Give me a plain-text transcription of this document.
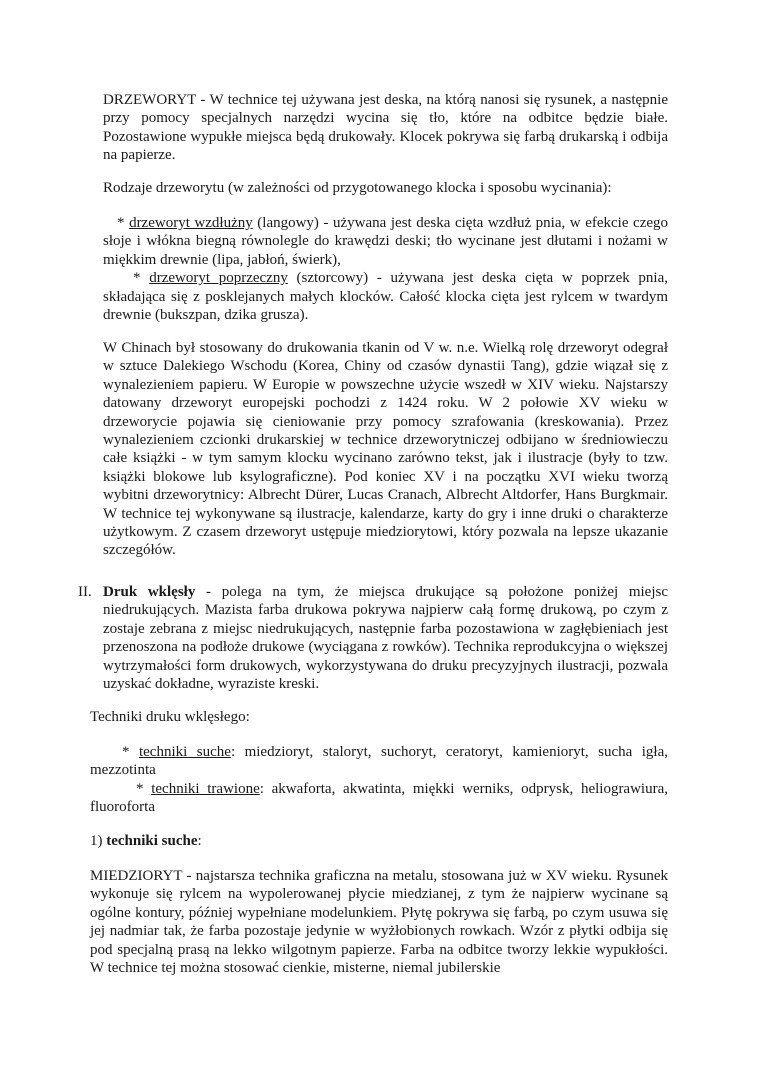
DRZEWORYT - W technice tej używana jest deska, na którą nanosi się rysunek, a następnie przy pomocy specjalnych narzędzi wycina się tło, które na odbitce będzie białe. Pozostawione wypukłe miejsca będą drukowały. Klocek pokrywa się farbą drukarską i odbija na papierze.

Rodzaje drzeworytu (w zależności od przygotowanego klocka i sposobu wycinania):

* drzeworyt wzdłużny (langowy) - używana jest deska cięta wzdłuż pnia, w efekcie czego słoje i włókna biegną równolegle do krawędzi deski; tło wycinane jest dłutami i nożami w miękkim drewnie (lipa, jabłoń, świerk),

* drzeworyt poprzeczny (sztorcowy) - używana jest deska cięta w poprzek pnia, składająca się z posklejanych małych klocków. Całość klocka cięta jest rylcem w twardym drewnie (bukszpan, dzika grusza).

W Chinach był stosowany do drukowania tkanin od V w. n.e. Wielką rolę drzeworyt odegrał w sztuce Dalekiego Wschodu (Korea, Chiny od czasów dynastii Tang), gdzie wiązał się z wynalezieniem papieru. W Europie w powszechne użycie wszedł w XIV wieku. Najstarszy datowany drzeworyt europejski pochodzi z 1424 roku. W 2 połowie XV wieku w drzeworycie pojawia się cieniowanie przy pomocy szrafowania (kreskowania). Przez wynalezieniem czcionki drukarskiej w technice drzeworytniczej odbijano w średniowieczu całe książki - w tym samym klocku wycinano zarówno tekst, jak i ilustracje (były to tzw. książki blokowe lub ksylograficzne). Pod koniec XV i na początku XVI wieku tworzą wybitni drzeworytnicy: Albrecht Dürer, Lucas Cranach, Albrecht Altdorfer, Hans Burgkmair. W technice tej wykonywane są ilustracje, kalendarze, karty do gry i inne druki o charakterze użytkowym. Z czasem drzeworyt ustępuje miedziorytowi, który pozwala na lepsze ukazanie szczegółów.

II. Druk wklęsły - polega na tym, że miejsca drukujące są położone poniżej miejsc niedrukujących. Mazista farba drukowa pokrywa najpierw całą formę drukową, po czym z zostaje zebrana z miejsc niedrukujących, następnie farba pozostawiona w zagłębieniach jest przenoszona na podłoże drukowe (wyciągana z rowków). Technika reprodukcyjna o większej wytrzymałości form drukowych, wykorzystywana do druku precyzyjnych ilustracji, pozwala uzyskać dokładne, wyraziste kreski.

Techniki druku wklęsłego:

* techniki suche: miedzioryt, staloryt, suchoryt, ceratoryt, kamienioryt, sucha igła, mezzotinta

* techniki trawione: akwaforta, akwatinta, miękki werniks, odprysk, heliograwiura, fluoroforta

1) techniki suche:

MIEDZIORYT - najstarsza technika graficzna na metalu, stosowana już w XV wieku. Rysunek wykonuje się rylcem na wypolerowanej płycie miedzianej, z tym że najpierw wycinane są ogólne kontury, później wypełniane modelunkiem. Płytę pokrywa się farbą, po czym usuwa się jej nadmiar tak, że farba pozostaje jedynie w wyżłobionych rowkach. Wzór z płytki odbija się pod specjalną prasą na lekko wilgotnym papierze. Farba na odbitce tworzy lekkie wypukłości. W technice tej można stosować cienkie, misterne, niemal jubilerskie
